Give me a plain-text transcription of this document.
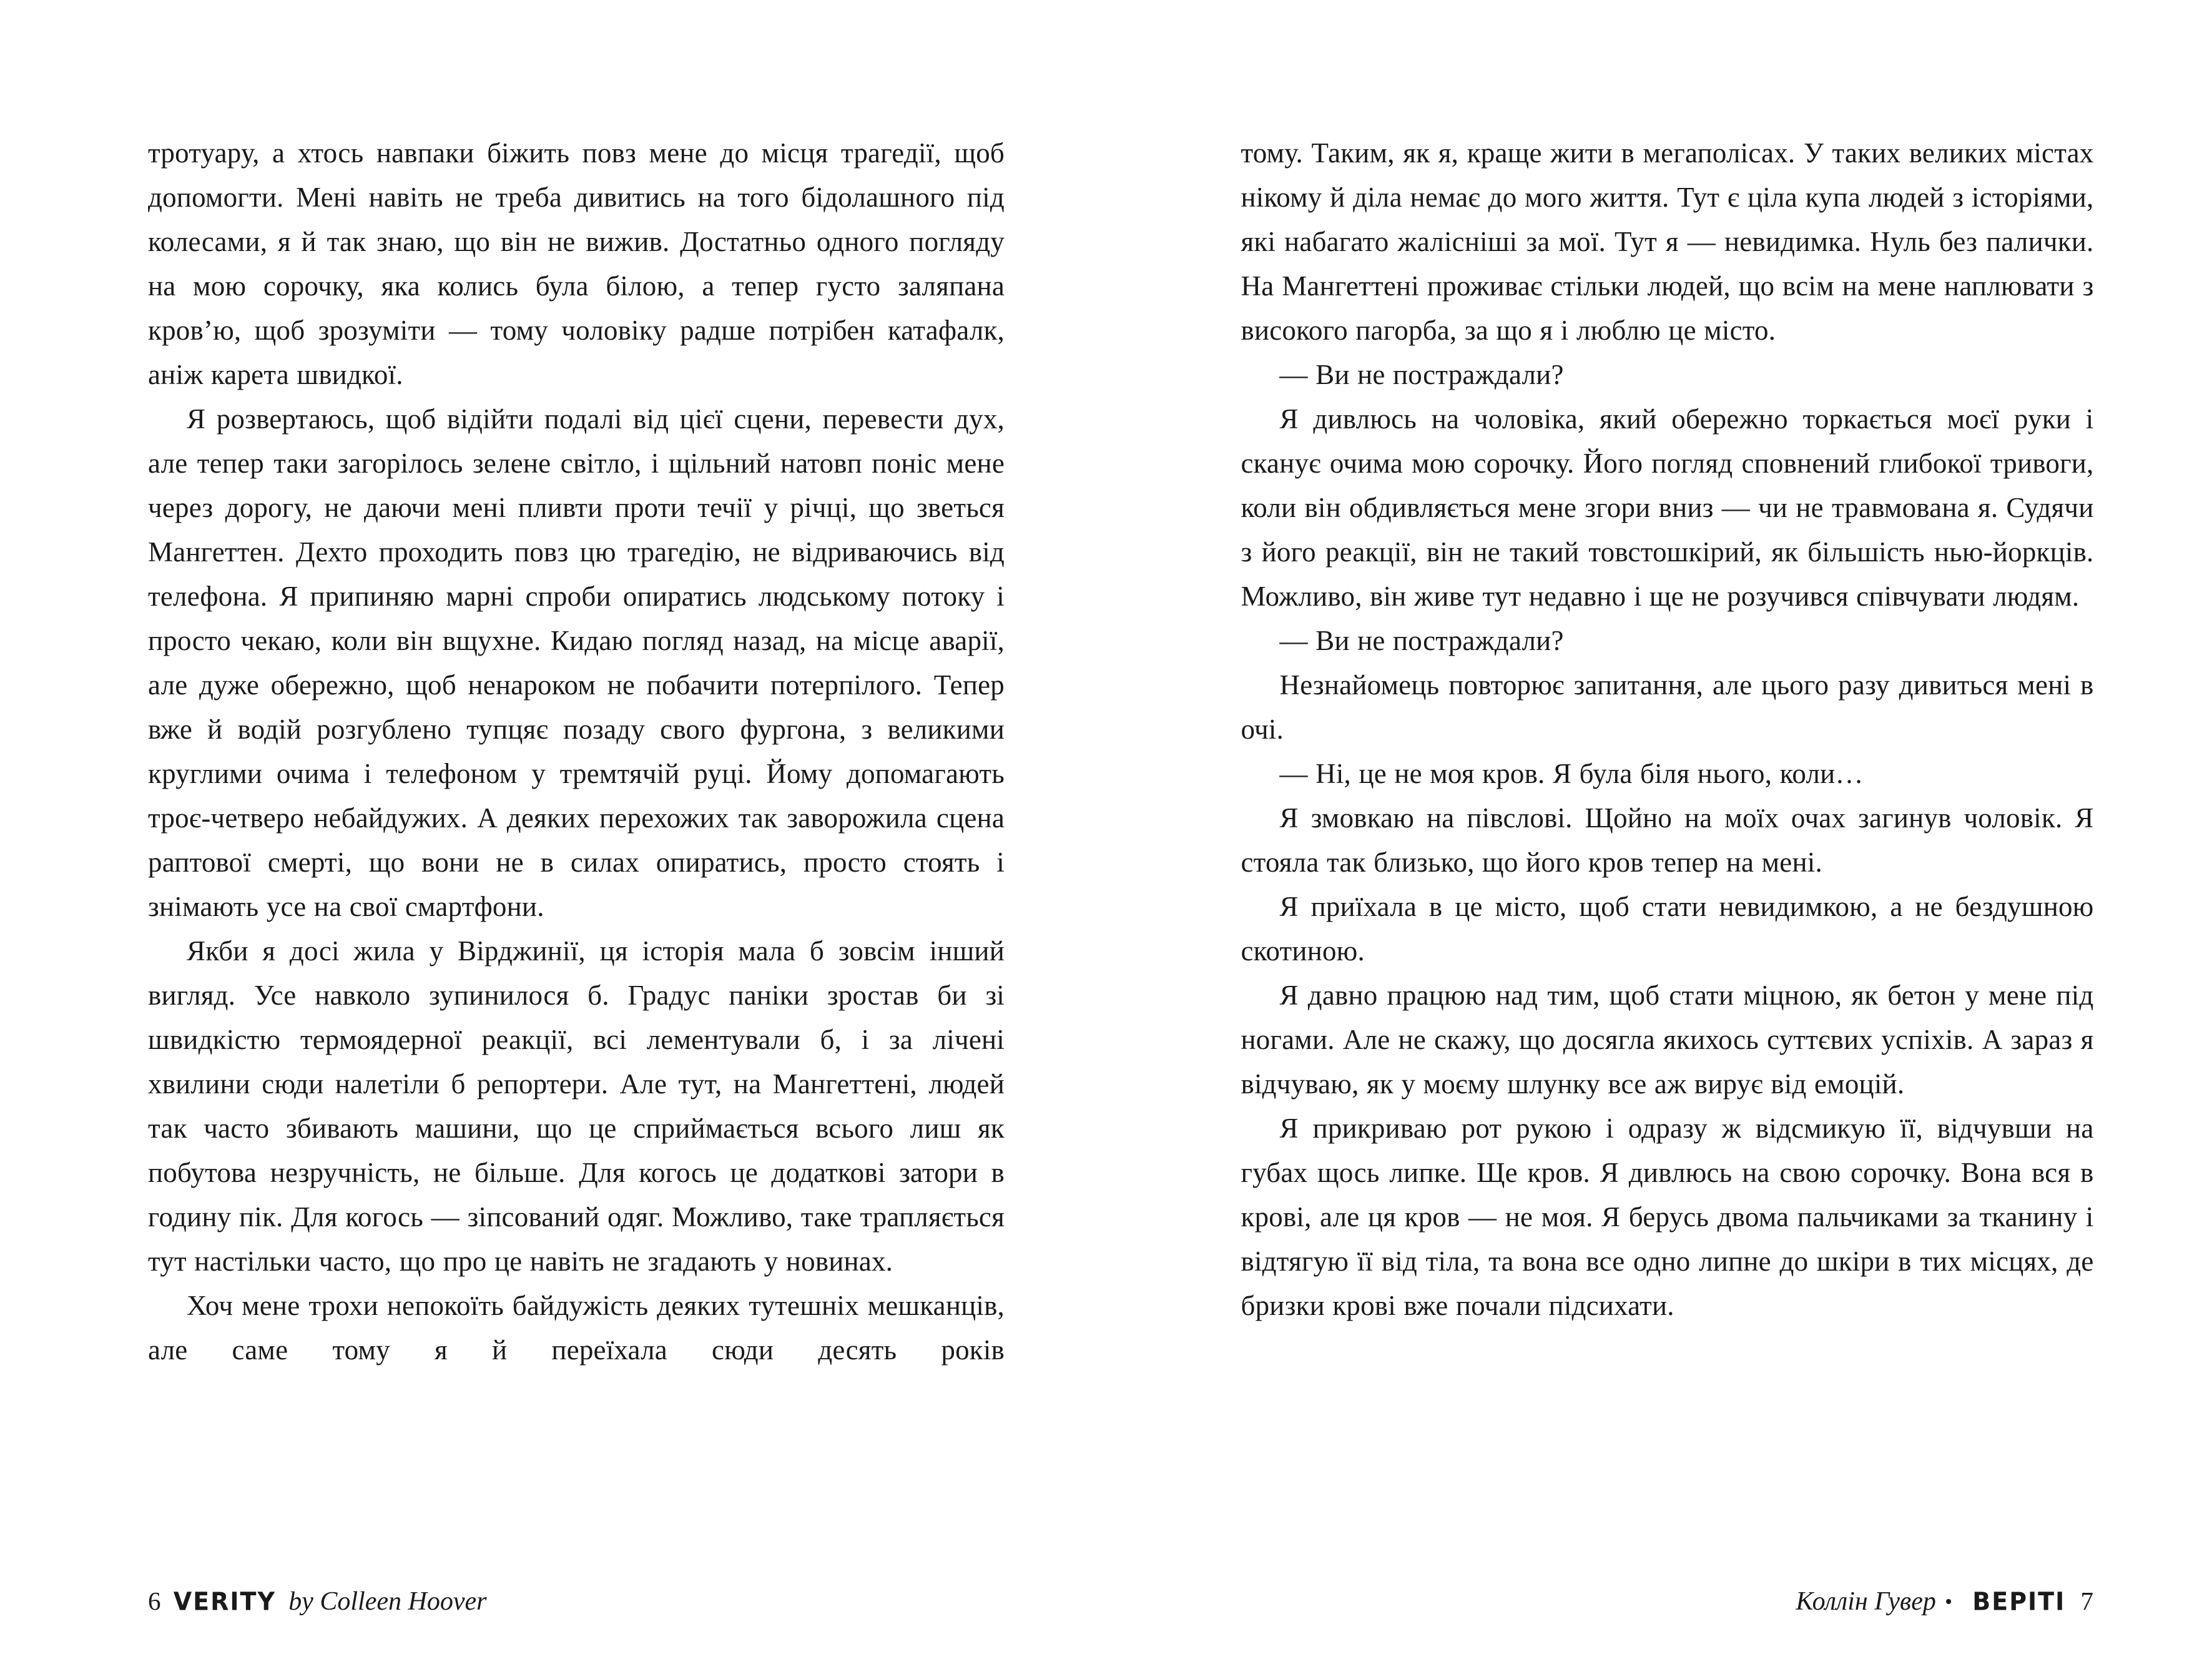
тротуару, а хтось навпаки біжить повз мене до місця трагедії, щоб допомогти. Мені навіть не треба дивитись на того бідолашного під колесами, я й так знаю, що він не вижив. Достатньо одного погляду на мою сорочку, яка колись була білою, а тепер густо заляпана кров’ю, щоб зрозуміти — тому чоловіку радше потрібен катафалк, аніж карета швидкої.

Я розвертаюсь, щоб відійти подалі від цієї сцени, перевести дух, але тепер таки загорілось зелене світло, і щільний натовп поніс мене через дорогу, не даючи мені пливти проти течії у річці, що зветься Мангеттен. Дехто проходить повз цю трагедію, не відриваючись від телефона. Я припиняю марні спроби опиратись людському потоку і просто чекаю, коли він вщухне. Кидаю погляд назад, на місце аварії, але дуже обережно, щоб ненароком не побачити потерпілого. Тепер вже й водій розгублено тупцяє позаду свого фургона, з великими круглими очима і телефоном у тремтячій руці. Йому допомагають троє-четверо небайдужих. А деяких перехожих так заворожила сцена раптової смерті, що вони не в силах опиратись, просто стоять і знімають усе на свої смартфони.

Якби я досі жила у Вірджинії, ця історія мала б зовсім інший вигляд. Усе навколо зупинилося б. Градус паніки зростав би зі швидкістю термоядерної реакції, всі лементували б, і за лічені хвилини сюди налетіли б репортери. Але тут, на Мангеттені, людей так часто збивають машини, що це сприймається всього лиш як побутова незручність, не більше. Для когось це додаткові затори в годину пік. Для когось — зіпсований одяг. Можливо, таке трапляється тут настільки часто, що про це навіть не згадають у новинах.

Хоч мене трохи непокоїть байдужість деяких тутешніх мешканців, але саме тому я й переїхала сюди десять років

6 VERITY by Colleen Hoover

тому. Таким, як я, краще жити в мегаполісах. У таких великих містах нікому й діла немає до мого життя. Тут є ціла купа людей з історіями, які набагато жалісніші за мої. Тут я — невидимка. Нуль без палички. На Мангеттені проживає стільки людей, що всім на мене наплювати з високого пагорба, за що я і люблю це місто.

— Ви не постраждали?

Я дивлюсь на чоловіка, який обережно торкається моєї руки і сканує очима мою сорочку. Його погляд сповнений глибокої тривоги, коли він обдивляється мене згори вниз — чи не травмована я. Судячи з його реакції, він не такий товстошкірий, як більшість нью-йоркців. Можливо, він живе тут недавно і ще не розучився співчувати людям.

— Ви не постраждали?

Незнайомець повторює запитання, але цього разу дивиться мені в очі.

— Ні, це не моя кров. Я була біля нього, коли…

Я змовкаю на півслові. Щойно на моїх очах загинув чоловік. Я стояла так близько, що його кров тепер на мені.

Я приїхала в це місто, щоб стати невидимкою, а не бездушною скотиною.

Я давно працюю над тим, щоб стати міцною, як бетон у мене під ногами. Але не скажу, що досягла якихось суттєвих успіхів. А зараз я відчуваю, як у моєму шлунку все аж вирує від емоцій.

Я прикриваю рот рукою і одразу ж відсмикую її, відчувши на губах щось липке. Ще кров. Я дивлюсь на свою сорочку. Вона вся в крові, але ця кров — не моя. Я берусь двома пальчиками за тканину і відтягую її від тіла, та вона все одно липне до шкіри в тих місцях, де бризки крові вже почали підсихати.

Коллін Гувер • ВЕРІТІ 7
